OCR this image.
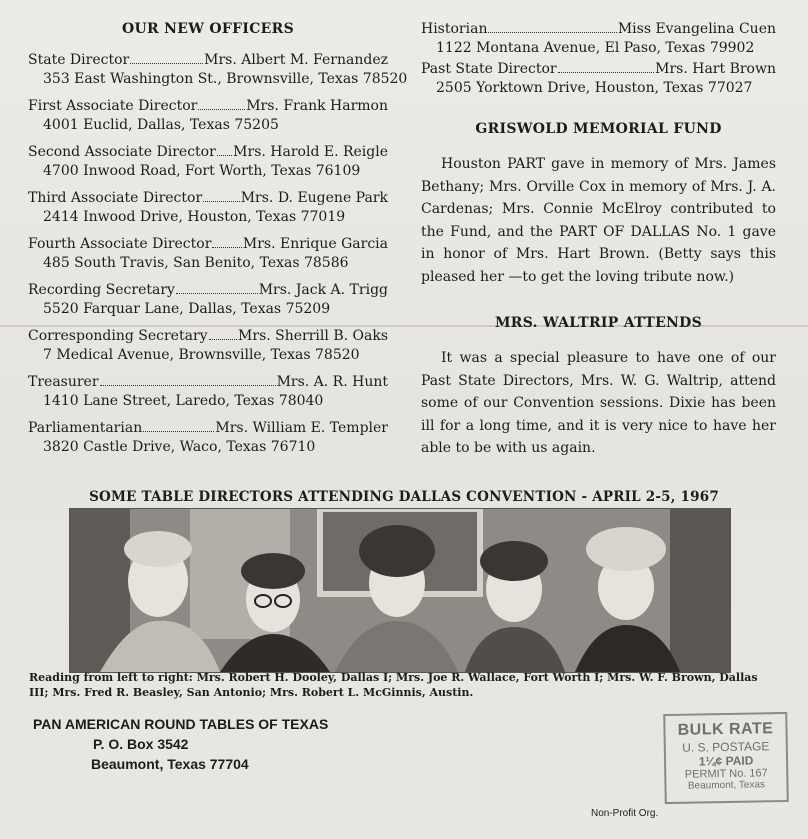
OUR NEW OFFICERS
State Director	Mrs. Albert M. Fernandez
353 East Washington St., Brownsville, Texas 78520
First Associate Director	Mrs. Frank Harmon
4001 Euclid, Dallas, Texas 75205
Second Associate Director Mrs. Harold E. Reigle
4700 Inwood Road, Fort Worth, Texas 76109
Third Associate Director	Mrs. D. Eugene Park
2414 Inwood Drive, Houston, Texas 77019
Fourth Associate Director Mrs. Enrique Garcia
485 South Travis, San Benito, Texas 78586
Recording Secretary	Mrs. Jack A. Trigg
5520 Farquar Lane, Dallas, Texas 75209
Corresponding Secretary Mrs. Sherrill B. Oaks
7 Medical Avenue, Brownsville, Texas 78520
Treasurer	Mrs. A. R. Hunt
1410 Lane Street, Laredo, Texas 78040
Parliamentarian	Mrs. William E. Templer
3820 Castle Drive, Waco, Texas 76710
Historian	Miss Evangelina Cuen
1122 Montana Avenue, El Paso, Texas 79902
Past State Director	Mrs. Hart Brown
2505 Yorktown Drive, Houston, Texas 77027
GRISWOLD MEMORIAL FUND

Houston PART gave in memory of Mrs. James Bethany; Mrs. Orville Cox in memory of Mrs. J. A. Cardenas; Mrs. Connie McElroy contributed to the Fund, and the PART OF DALLAS No. 1 gave in honor of Mrs. Hart Brown. (Betty says this pleased her —to get the loving tribute now.)

MRS. WALTRIP ATTENDS

It was a special pleasure to have one of our Past State Directors, Mrs. W. G. Waltrip, attend some of our Convention sessions. Dixie has been ill for a long time, and it is very nice to have her able to be with us again.

SOME TABLE DIRECTORS ATTENDING DALLAS CONVENTION - APRIL 2-5, 1967
Reading from left to right: Mrs. Robert H. Dooley, Dallas I; Mrs. Joe R. Wallace, Fort Worth I; Mrs. W. F. Brown, Dallas III; Mrs. Fred R. Beasley, San Antonio; Mrs. Robert L. McGinnis, Austin.
PAN AMERICAN ROUND TABLES OF TEXAS
P. O. Box 3542
Beaumont, Texas 77704
BULK RATE
U. S. POSTAGE
1¼¢ PAID
PERMIT No. 167
Beaumont, Texas
Non-Profit Org.
